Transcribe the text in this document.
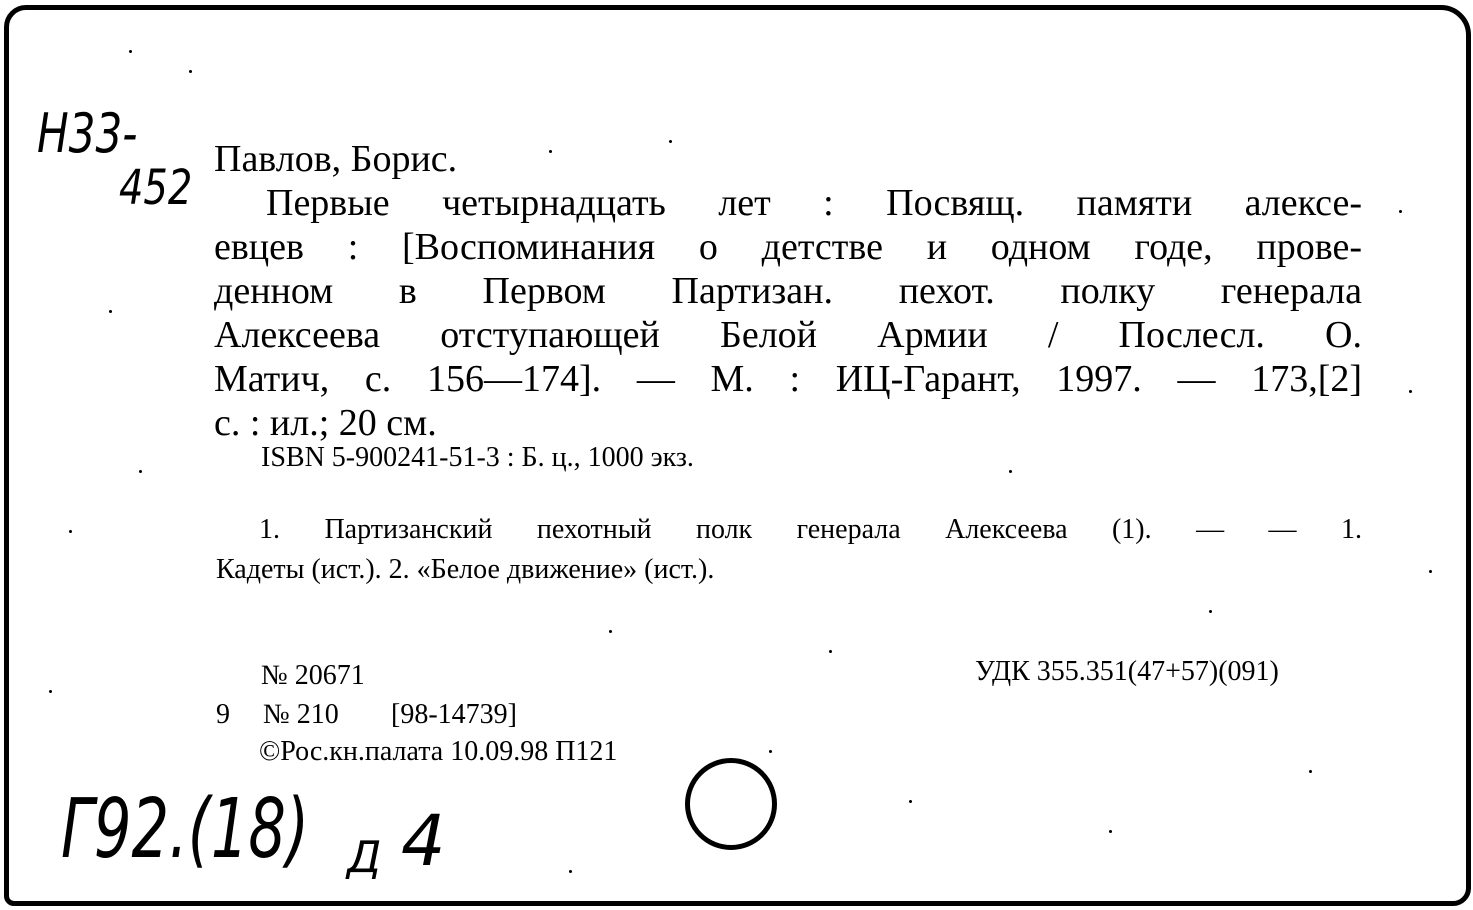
Н33-
452
Павлов, Борис.
Первые четырнадцать лет : Посвящ. памяти алексе-
евцев : [Воспоминания о детстве и одном годе, прове-
денном в Первом Партизан. пехот. полку генерала
Алексеева отступающей Белой Армии / Послесл. О.
Матич, с. 156—174]. — М. : ИЦ-Гарант, 1997. — 173,[2]
с. : ил.; 20 см.
ISBN 5-900241-51-3 : Б. ц., 1000 экз.
1. Партизанский пехотный полк генерала Алексеева (1). — — 1.
Кадеты (ист.). 2. «Белое движение» (ист.).
№ 20671	УДК 355.351(47+57)(091)
9 № 210 [98-14739]
©Рос.кн.палата 10.09.98 П121
Г92.(18) Д 4
